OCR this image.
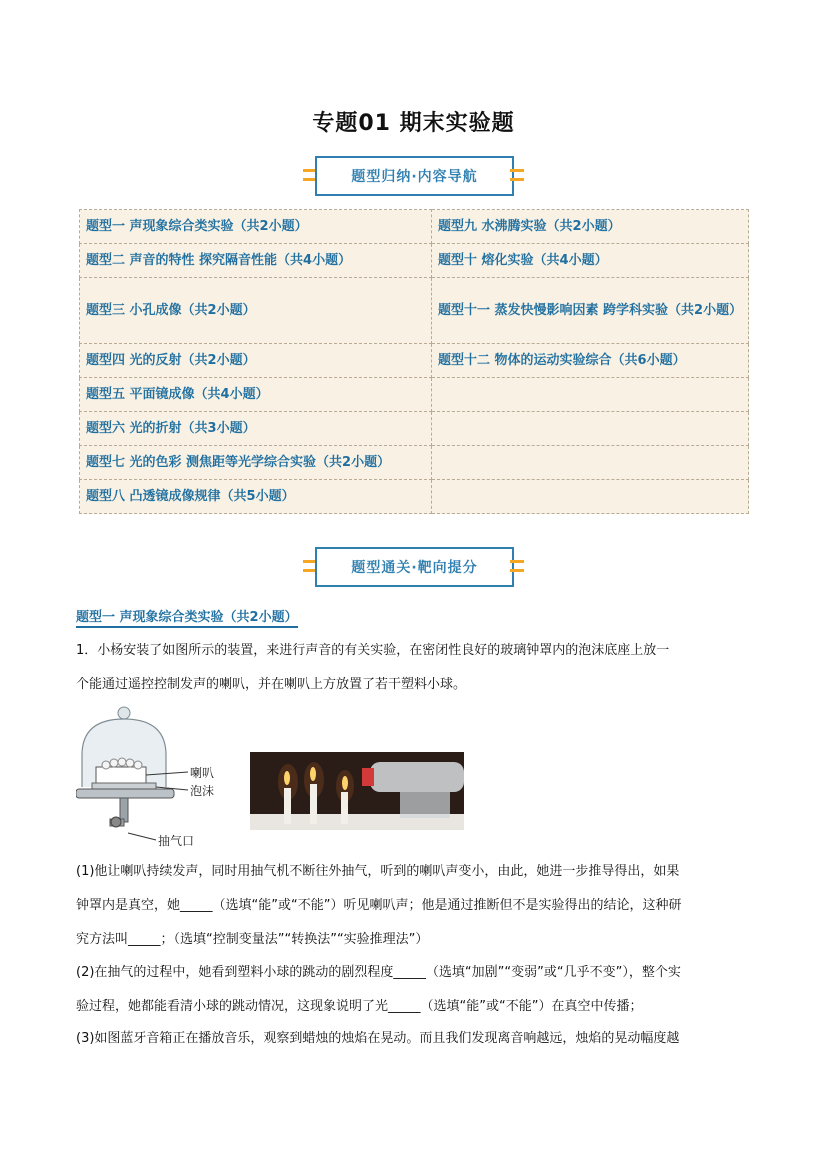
专题01 期末实验题
题型归纳·内容导航
题型一 声现象综合类实验（共2小题）	题型九 水沸腾实验（共2小题）
题型二 声音的特性 探究隔音性能（共4小题）	题型十 熔化实验（共4小题）
题型三 小孔成像（共2小题）	题型十一 蒸发快慢影响因素 跨学科实验（共2小题）
题型四 光的反射（共2小题）	题型十二 物体的运动实验综合（共6小题）
题型五 平面镜成像（共4小题）	
题型六 光的折射（共3小题）	
题型七 光的色彩 测焦距等光学综合实验（共2小题）	
题型八 凸透镜成像规律（共5小题）	
题型通关·靶向提分
题型一 声现象综合类实验（共2小题）
1．小杨安装了如图所示的装置，来进行声音的有关实验，在密闭性良好的玻璃钟罩内的泡沫底座上放一
个能通过遥控控制发声的喇叭，并在喇叭上方放置了若干塑料小球。
喇叭
泡沫
抽气口
(1)他让喇叭持续发声，同时用抽气机不断往外抽气，听到的喇叭声变小，由此，她进一步推导得出，如果
钟罩内是真空，她_____（选填“能”或“不能”）听见喇叭声；他是通过推断但不是实验得出的结论，这种研
究方法叫_____；（选填“控制变量法”“转换法”“实验推理法”）
(2)在抽气的过程中，她看到塑料小球的跳动的剧烈程度_____（选填“加剧”“变弱”或“几乎不变”），整个实
验过程，她都能看清小球的跳动情况，这现象说明了光_____（选填“能”或“不能”）在真空中传播；
(3)如图蓝牙音箱正在播放音乐，观察到蜡烛的烛焰在晃动。而且我们发现离音响越远，烛焰的晃动幅度越
